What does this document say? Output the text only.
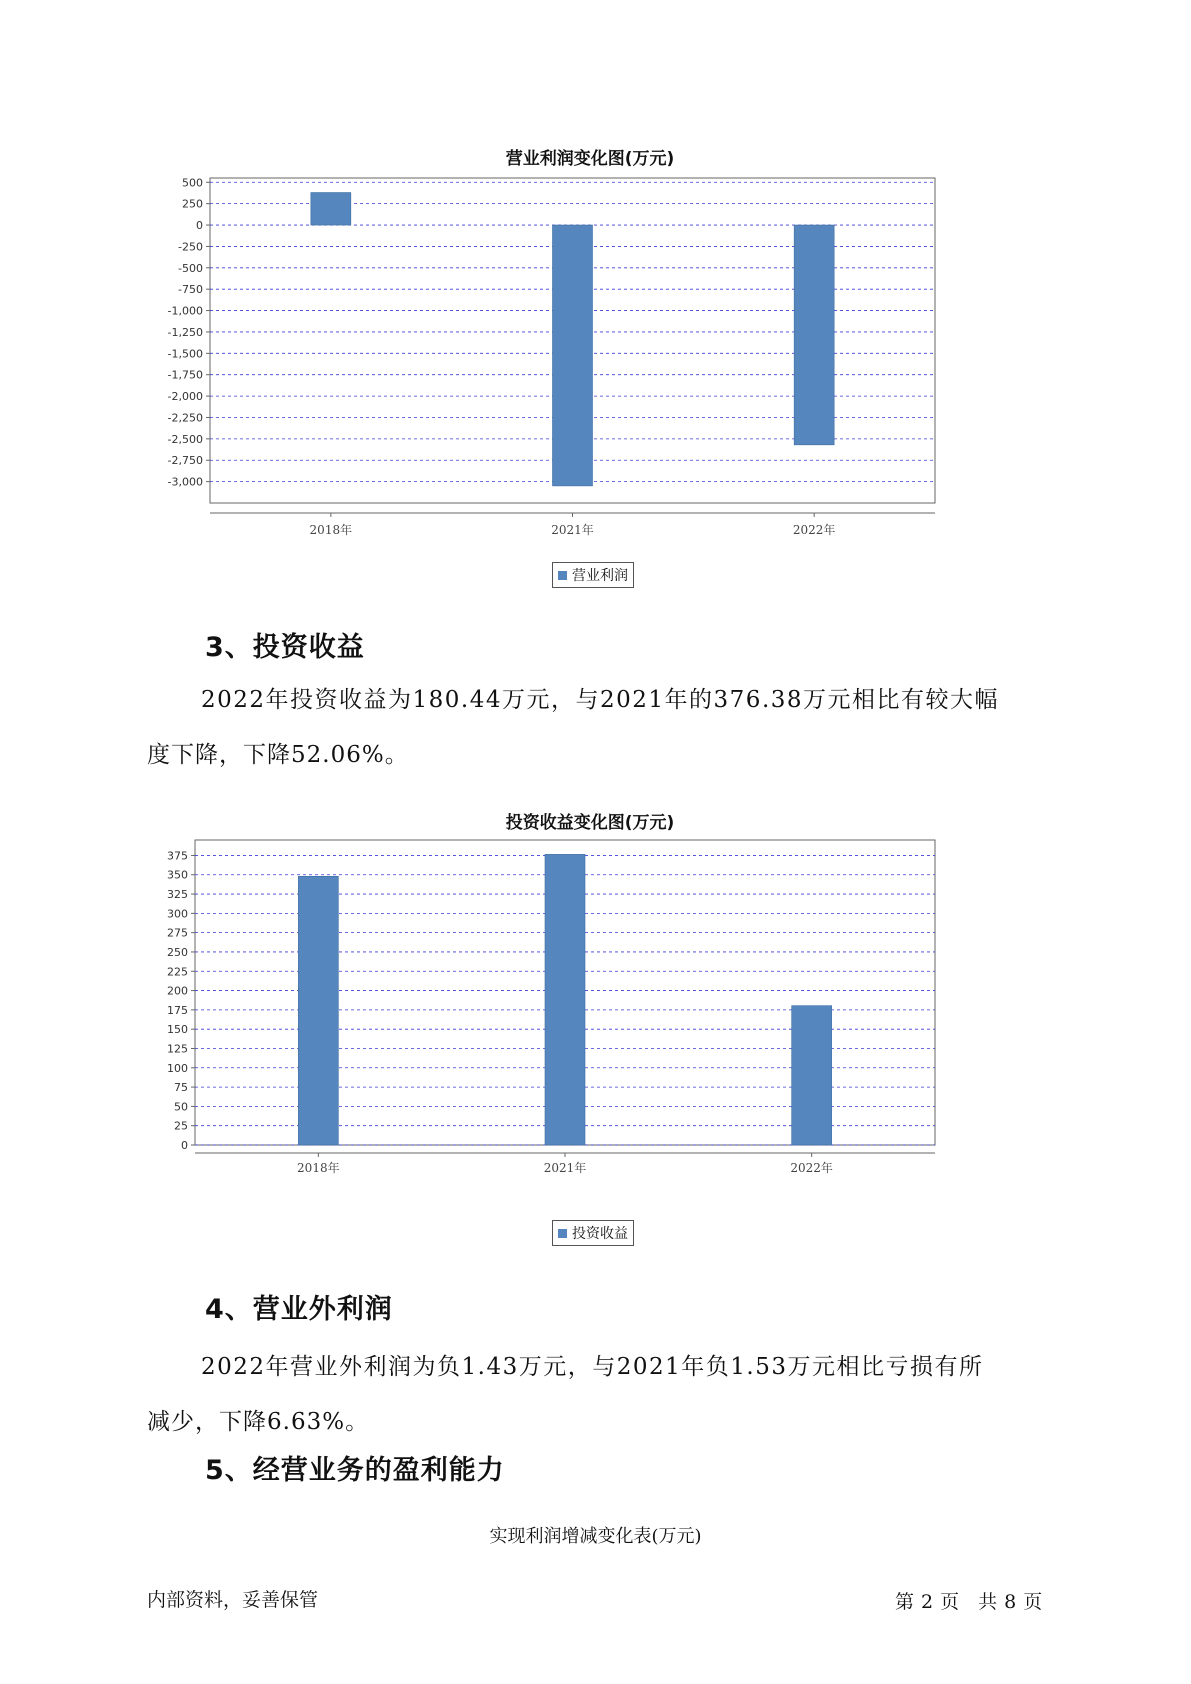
营业利润变化图(万元)
500
250
0
-250
-500
-750
-1,000
-1,250
-1,500
-1,750
-2,000
-2,250
-2,500
-2,750
-3,000
2018年	2021年	2022年
营业利润
3、投资收益
2022年投资收益为180.44万元，与2021年的376.38万元相比有较大幅
度下降，下降52.06%。
投资收益变化图(万元)
375
350
325
300
275
250
225
200
175
150
125
100
75
50
25
0
2018年	2021年	2022年
投资收益
4、营业外利润
2022年营业外利润为负1.43万元，与2021年负1.53万元相比亏损有所
减少，下降6.63%。
5、经营业务的盈利能力
实现利润增减变化表(万元)
内部资料，妥善保管	第 2 页 共 8 页
